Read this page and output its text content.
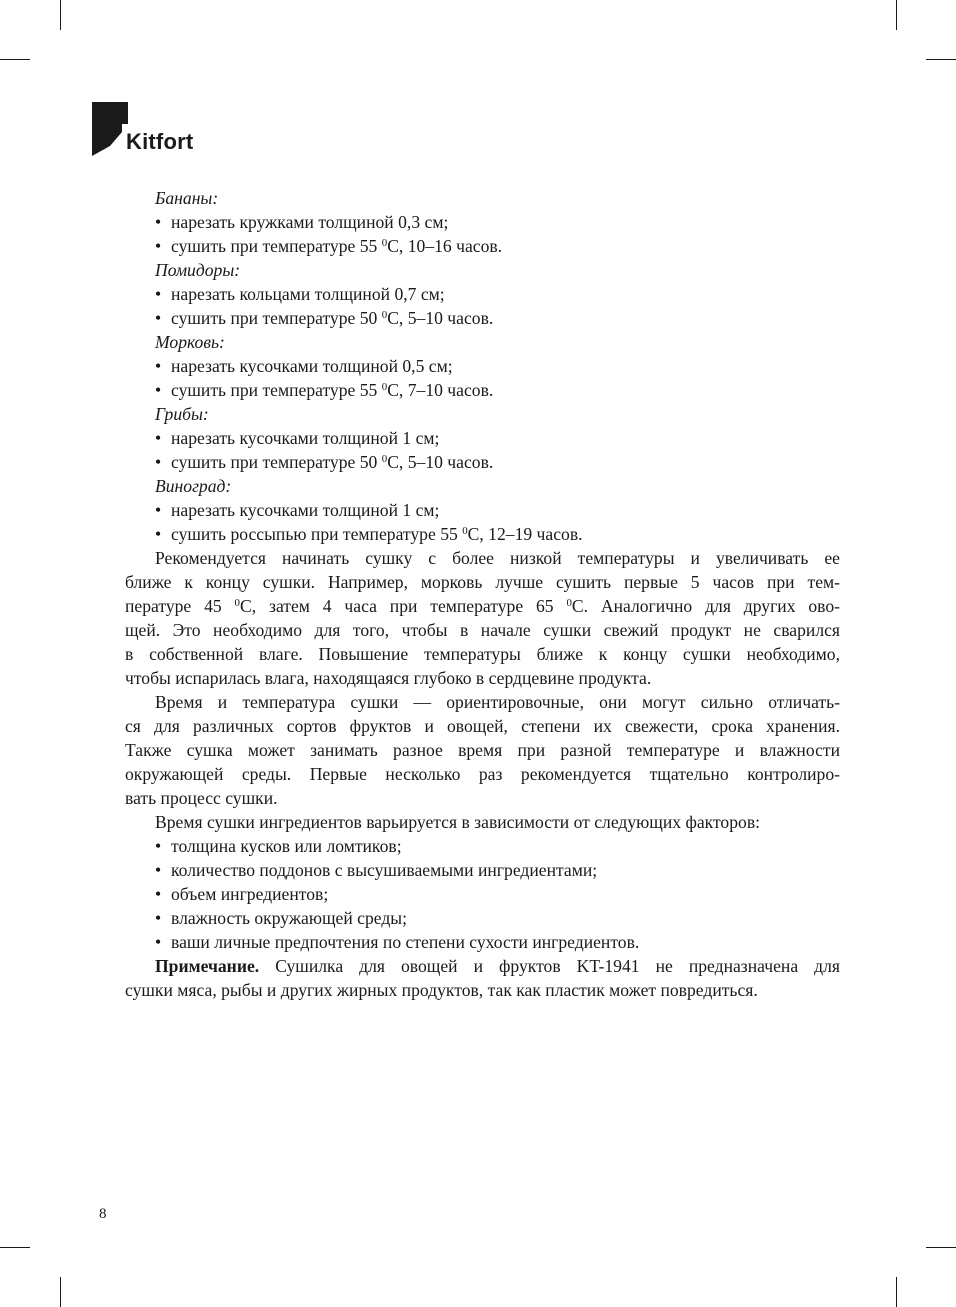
Kitfort

Бананы:

• нарезать кружками толщиной 0,3 см;

• сушить при температуре 55 $^0$С, 10–16 часов.

Помидоры:

• нарезать кольцами толщиной 0,7 см;

• сушить при температуре 50 $^0$С, 5–10 часов.

Морковь:

• нарезать кусочками толщиной 0,5 см;

• сушить при температуре 55 $^0$С, 7–10 часов.

Грибы:

• нарезать кусочками толщиной 1 см;

• сушить при температуре 50 $^0$С, 5–10 часов.

Виноград:

• нарезать кусочками толщиной 1 см;

• сушить россыпью при температуре 55 $^0$С, 12–19 часов.

Рекомендуется начинать сушку с более низкой температуры и увеличивать ее
ближе к концу сушки. Например, морковь лучше сушить первые 5 часов при тем-
пературе 45 $^0$С, затем 4 часа при температуре 65 $^0$С. Аналогично для других ово-
щей. Это необходимо для того, чтобы в начале сушки свежий продукт не сварился
в собственной влаге. Повышение температуры ближе к концу сушки необходимо,
чтобы испарилась влага, находящаяся глубоко в сердцевине продукта.
Время и температура сушки — ориентировочные, они могут сильно отличать-
ся для различных сортов фруктов и овощей, степени их свежести, срока хранения.
Также сушка может занимать разное время при разной температуре и влажности
окружающей среды. Первые несколько раз рекомендуется тщательно контролиро-
вать процесс сушки.
Время сушки ингредиентов варьируется в зависимости от следующих факторов:

• толщина кусков или ломтиков;

• количество поддонов с высушиваемыми ингредиентами;

• объем ингредиентов;

• влажность окружающей среды;

• ваши личные предпочтения по степени сухости ингредиентов.

Примечание. Сушилка для овощей и фруктов KT-1941 не предназначена для
сушки мяса, рыбы и других жирных продуктов, так как пластик может повредиться.
8
